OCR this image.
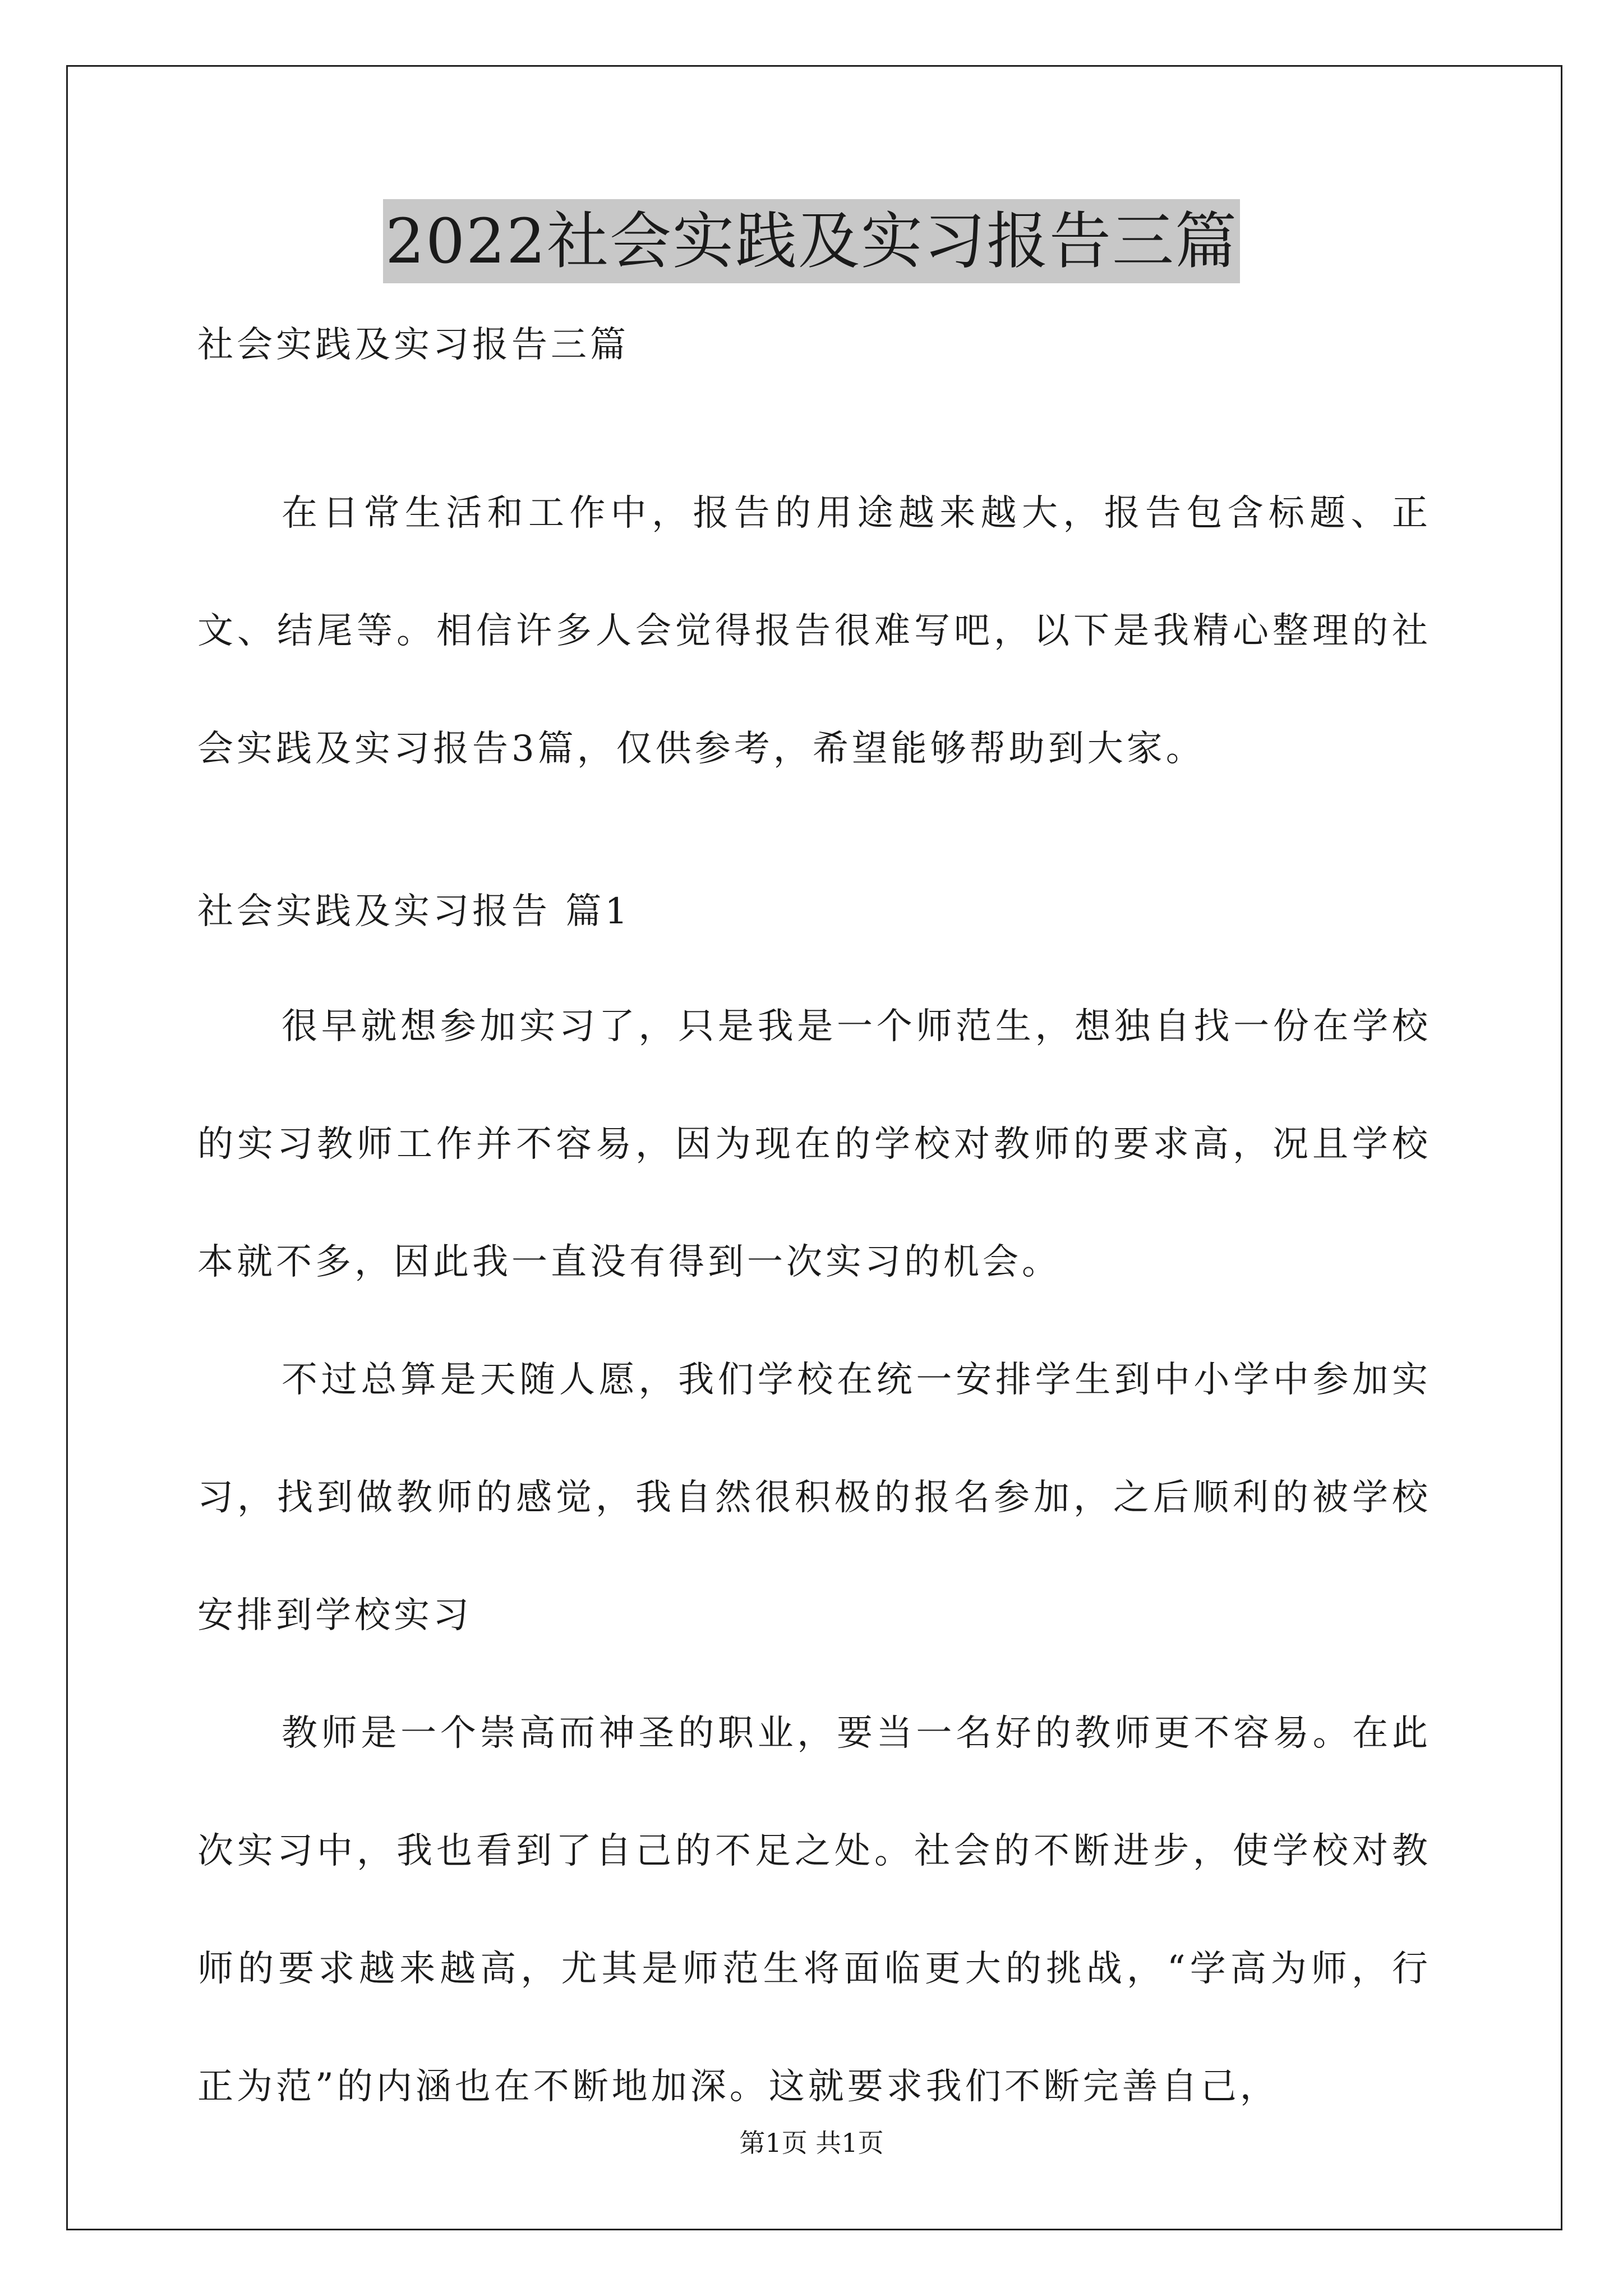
2022社会实践及实习报告三篇
社会实践及实习报告三篇

在日常生活和工作中，报告的用途越来越大，报告包含标题、正文、结尾等。相信许多人会觉得报告很难写吧，以下是我精心整理的社会实践及实习报告3篇，仅供参考，希望能够帮助到大家。

社会实践及实习报告 篇1

很早就想参加实习了，只是我是一个师范生，想独自找一份在学校的实习教师工作并不容易，因为现在的学校对教师的要求高，况且学校本就不多，因此我一直没有得到一次实习的机会。

不过总算是天随人愿，我们学校在统一安排学生到中小学中参加实习，找到做教师的感觉，我自然很积极的报名参加，之后顺利的被学校安排到学校实习

教师是一个崇高而神圣的职业，要当一名好的教师更不容易。在此次实习中，我也看到了自己的不足之处。社会的不断进步，使学校对教师的要求越来越高，尤其是师范生将面临更大的挑战，“学高为师，行正为范”的内涵也在不断地加深。这就要求我们不断完善自己，

第1页 共1页
